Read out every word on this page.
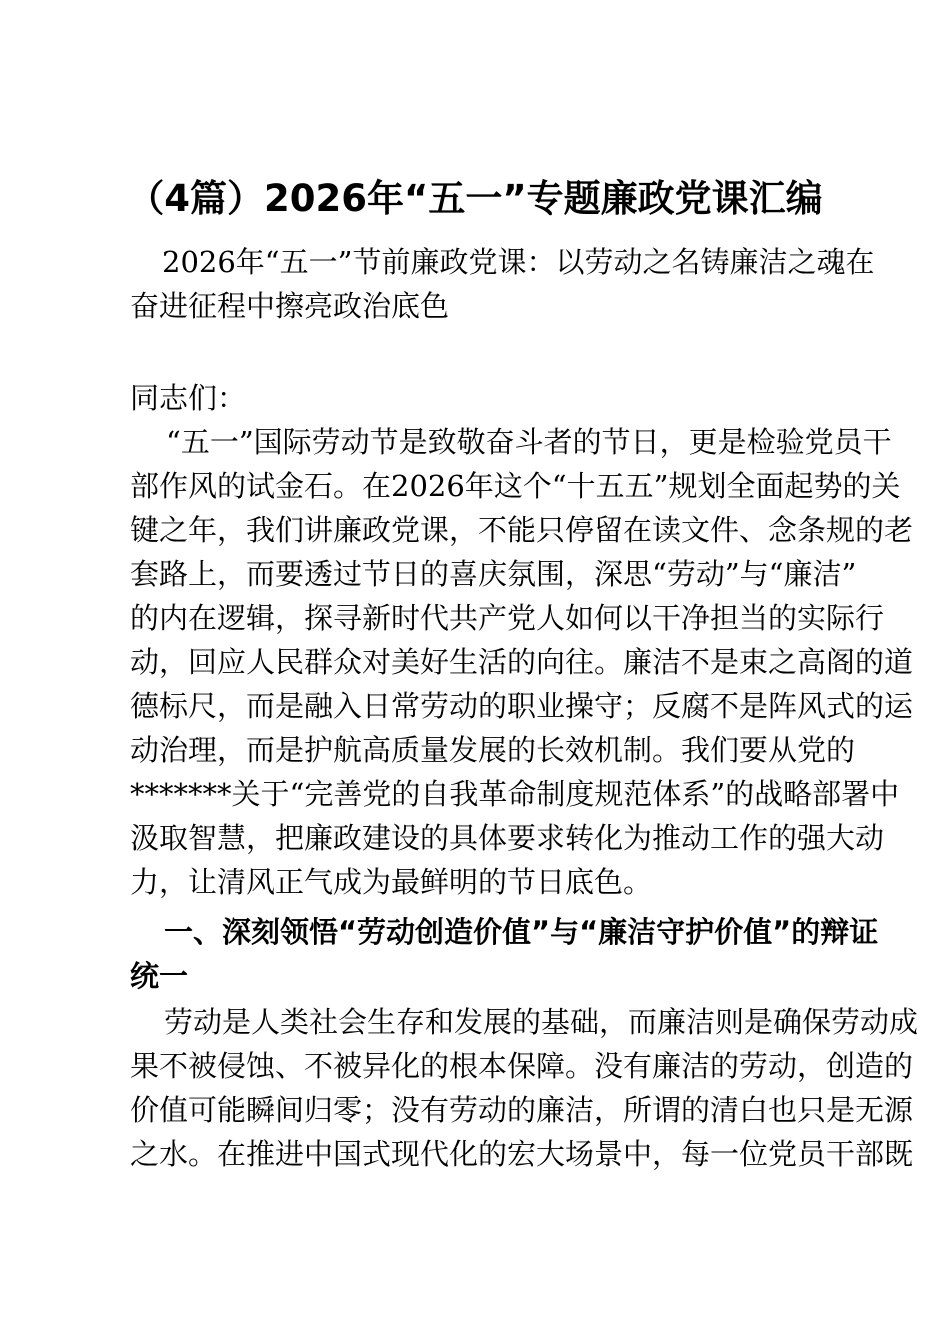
（4篇）2026年“五一”专题廉政党课汇编
2026年“五一”节前廉政党课：以劳动之名铸廉洁之魂在
奋进征程中擦亮政治底色
同志们：
“五一”国际劳动节是致敬奋斗者的节日，更是检验党员干
部作风的试金石。在2026年这个“十五五”规划全面起势的关
键之年，我们讲廉政党课，不能只停留在读文件、念条规的老
套路上，而要透过节日的喜庆氛围，深思“劳动”与“廉洁”
的内在逻辑，探寻新时代共产党人如何以干净担当的实际行
动，回应人民群众对美好生活的向往。廉洁不是束之高阁的道
德标尺，而是融入日常劳动的职业操守；反腐不是阵风式的运
动治理，而是护航高质量发展的长效机制。我们要从党的
*******关于“完善党的自我革命制度规范体系”的战略部署中
汲取智慧，把廉政建设的具体要求转化为推动工作的强大动
力，让清风正气成为最鲜明的节日底色。
一、深刻领悟“劳动创造价值”与“廉洁守护价值”的辩证
统一
劳动是人类社会生存和发展的基础，而廉洁则是确保劳动成
果不被侵蚀、不被异化的根本保障。没有廉洁的劳动，创造的
价值可能瞬间归零；没有劳动的廉洁，所谓的清白也只是无源
之水。在推进中国式现代化的宏大场景中，每一位党员干部既
